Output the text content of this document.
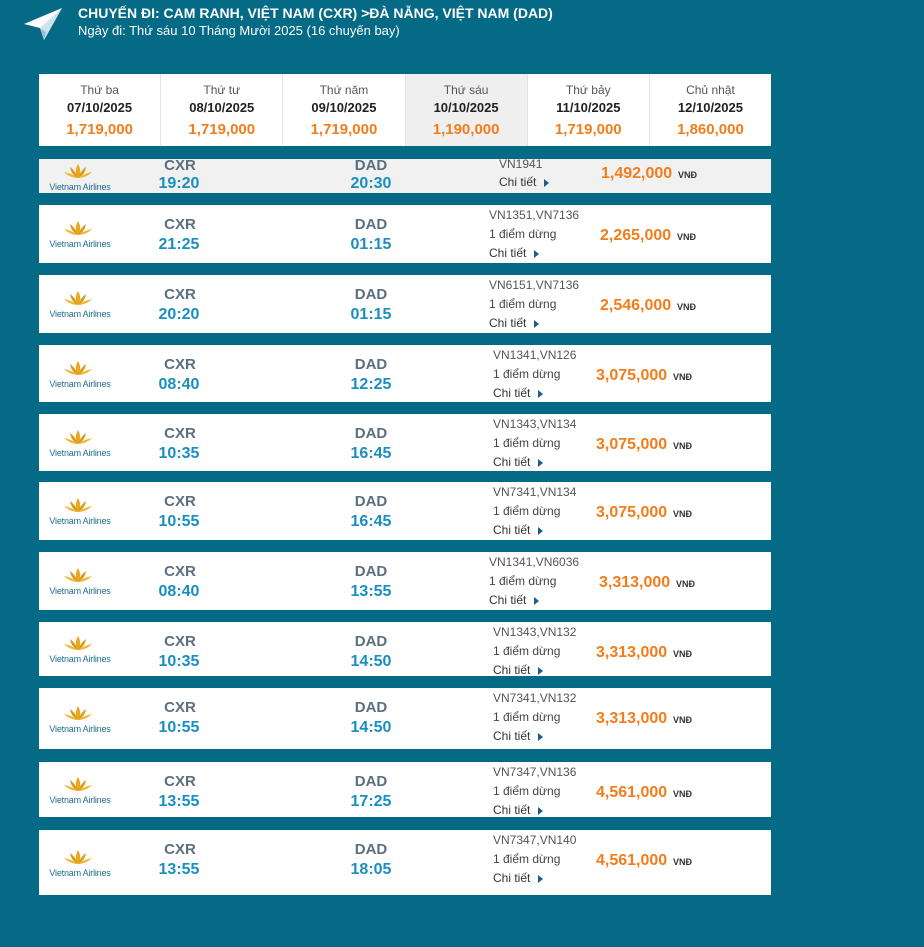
CHUYẾN ĐI: CAM RANH, VIỆT NAM (CXR) >ĐÀ NẴNG, VIỆT NAM (DAD)
Ngày đi: Thứ sáu 10 Tháng Mười 2025 (16 chuyến bay)
Thứ ba
07/10/2025
1,719,000
Thứ tư
08/10/2025
1,719,000
Thứ năm
09/10/2025
1,719,000
Thứ sáu
10/10/2025
1,190,000
Thứ bảy
11/10/2025
1,719,000
Chủ nhật
12/10/2025
1,860,000
Vietnam Airlines
CXR
19:20
DAD
20:30
VN1941
Chi tiết	1,492,000 VNĐ
Vietnam Airlines
CXR
21:25
DAD
01:15
VN1351,VN7136
1 điểm dừng
Chi tiết
2,265,000 VNĐ
Vietnam Airlines
CXR
20:20
DAD
01:15
VN6151,VN7136
1 điểm dừng
Chi tiết
2,546,000 VNĐ
Vietnam Airlines
CXR
08:40
DAD
12:25
VN1341,VN126
1 điểm dừng
Chi tiết
3,075,000 VNĐ
Vietnam Airlines
CXR
10:35
DAD
16:45
VN1343,VN134
1 điểm dừng
Chi tiết
3,075,000 VNĐ
Vietnam Airlines
CXR
10:55
DAD
16:45
VN7341,VN134
1 điểm dừng
Chi tiết
3,075,000 VNĐ
Vietnam Airlines
CXR
08:40
DAD
13:55
VN1341,VN6036
1 điểm dừng
Chi tiết
3,313,000 VNĐ
Vietnam Airlines
CXR
10:35
DAD
14:50
VN1343,VN132
1 điểm dừng
Chi tiết
3,313,000 VNĐ
Vietnam Airlines
CXR
10:55
DAD
14:50
VN7341,VN132
1 điểm dừng
Chi tiết
3,313,000 VNĐ
Vietnam Airlines
CXR
13:55
DAD
17:25
VN7347,VN136
1 điểm dừng
Chi tiết
4,561,000 VNĐ
Vietnam Airlines
CXR
13:55
DAD
18:05
VN7347,VN140
1 điểm dừng
Chi tiết
4,561,000 VNĐ
